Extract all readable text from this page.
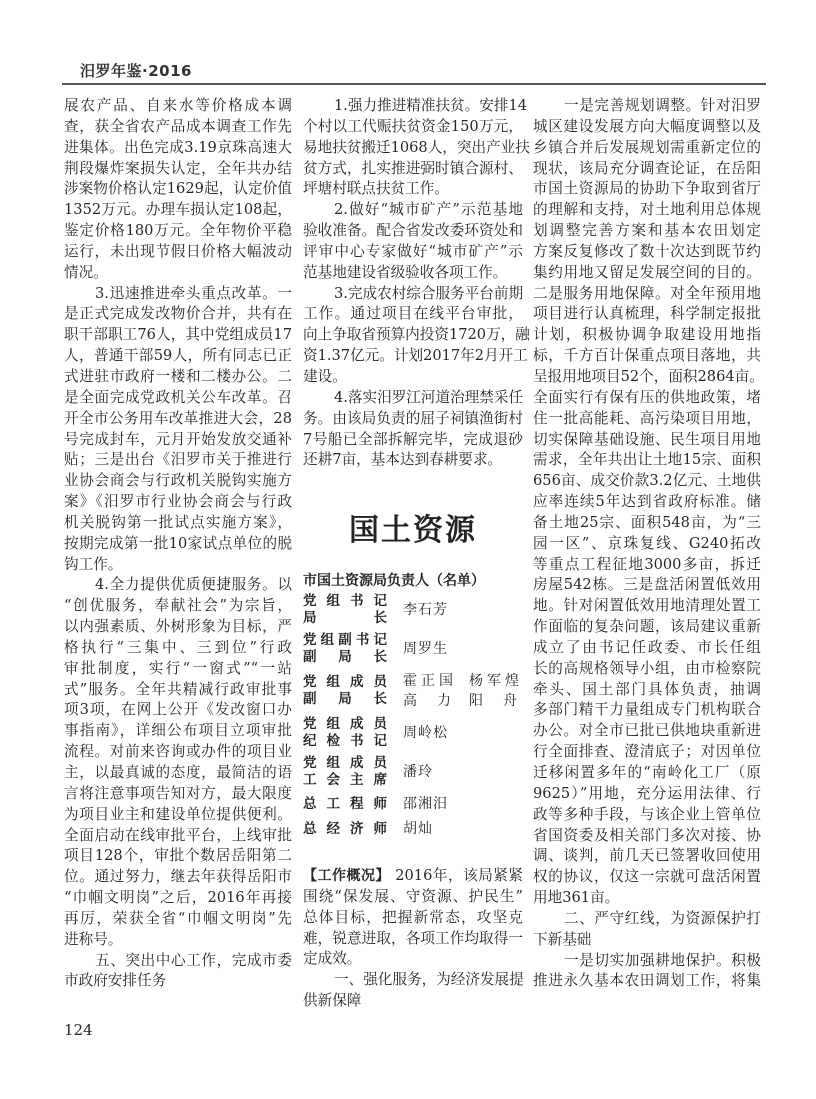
汨罗年鉴·2016
展农产品、自来水等价格成本调
查，获全省农产品成本调查工作先
进集体。出色完成3.19京珠高速大
荆段爆炸案损失认定，全年共办结
涉案物价格认定1629起，认定价值
1352万元。办理车损认定108起，
鉴定价格180万元。全年物价平稳
运行，未出现节假日价格大幅波动
情况。
3.迅速推进牵头重点改革。一
是正式完成发改物价合并，共有在
职干部职工76人，其中党组成员17
人，普通干部59人，所有同志已正
式进驻市政府一楼和二楼办公。二
是全面完成党政机关公车改革。召
开全市公务用车改革推进大会，28
号完成封车，元月开始发放交通补
贴；三是出台《汨罗市关于推进行
业协会商会与行政机关脱钩实施方
案》《汨罗市行业协会商会与行政
机关脱钩第一批试点实施方案》，
按期完成第一批10家试点单位的脱
钩工作。
4.全力提供优质便捷服务。以
“创优服务，奉献社会”为宗旨，
以内强素质、外树形象为目标，严
格执行“三集中、三到位”行政
审批制度，实行“一窗式”“一站
式”服务。全年共精减行政审批事
项3项，在网上公开《发改窗口办
事指南》，详细公布项目立项审批
流程。对前来咨询或办件的项目业
主，以最真诚的态度，最简洁的语
言将注意事项告知对方，最大限度
为项目业主和建设单位提供便利。
全面启动在线审批平台，上线审批
项目128个，审批个数居岳阳第二
位。通过努力，继去年获得岳阳市
“巾帼文明岗”之后，2016年再接
再厉，荣获全省“巾帼文明岗”先
进称号。
五、突出中心工作，完成市委
市政府安排任务
1.强力推进精准扶贫。安排14
个村以工代赈扶贫资金150万元，
易地扶贫搬迁1068人，突出产业扶
贫方式，扎实推进弼时镇合源村、
坪塘村联点扶贫工作。
2.做好“城市矿产”示范基地
验收准备。配合省发改委环资处和
评审中心专家做好“城市矿产”示
范基地建设省级验收各项工作。
3.完成农村综合服务平台前期
工作。通过项目在线平台审批，
向上争取省预算内投资1720万，融
资1.37亿元。计划2017年2月开工
建设。
4.落实汨罗江河道治理禁采任
务。由该局负责的屈子祠镇渔街村
7号船已全部拆解完毕，完成退砂
还耕7亩，基本达到春耕要求。
一是完善规划调整。针对汨罗
城区建设发展方向大幅度调整以及
乡镇合并后发展规划需重新定位的
现状，该局充分调查论证，在岳阳
市国土资源局的协助下争取到省厅
的理解和支持，对土地利用总体规
划调整完善方案和基本农田划定
方案反复修改了数十次达到既节约
集约用地又留足发展空间的目的。
二是服务用地保障。对全年预用地
项目进行认真梳理，科学制定报批
计划，积极协调争取建设用地指
标，千方百计保重点项目落地，共
呈报用地项目52个，面积2864亩。
全面实行有保有压的供地政策，堵
住一批高能耗、高污染项目用地，
切实保障基础设施、民生项目用地
需求，全年共出让土地15宗、面积
656亩、成交价款3.2亿元、土地供
应率连续5年达到省政府标准。储
备土地25宗、面积548亩，为“三
园一区”、京珠复线、G240拓改
等重点工程征地3000多亩，拆迁
房屋542栋。三是盘活闲置低效用
地。针对闲置低效用地清理处置工
作面临的复杂问题，该局建议重新
成立了由书记任政委、市长任组
长的高规格领导小组，由市检察院
牵头、国土部门具体负责，抽调
多部门精干力量组成专门机构联合
办公。对全市已批已供地块重新进
行全面排查、澄清底子；对因单位
迁移闲置多年的“南岭化工厂（原
9625）”用地，充分运用法律、行
政等多种手段，与该企业上管单位
省国资委及相关部门多次对接、协
调、谈判，前几天已签署收回使用
权的协议，仅这一宗就可盘活闲置
用地361亩。
二、严守红线，为资源保护打
下新基础
一是切实加强耕地保护。积极
推进永久基本农田调划工作，将集
国土资源
市国土资源局负责人（名单）
党组书记
局长 李石芳
党组副书记
副局长 周罗生
党组成员
副局长
霍正国 杨军煌
高力 阳舟
党组成员
纪检书记 周岭松
党组成员
工会主席 潘玲
总工程师 邵湘汨
总经济师 胡灿
【工作概况】 2016年，该局紧紧
围绕“保发展、守资源、护民生”
总体目标，把握新常态，攻坚克
难，锐意进取，各项工作均取得一
定成效。
一、强化服务，为经济发展提
供新保障
124
